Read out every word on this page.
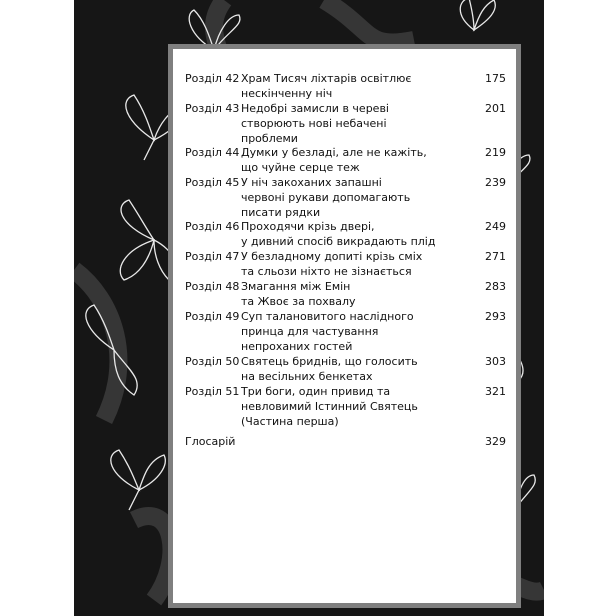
Розділ 42 Храм Тисяч ліхтарів освітлює
нескінченну ніч
175
Розділ 43 Недобрі замисли в череві
створюють нові небачені
проблеми
201
Розділ 44 Думки у безладі, але не кажіть,
що чуйне серце теж
219
Розділ 45 У ніч закоханих запашні
червоні рукави допомагають
писати рядки
239
Розділ 46 Проходячи крізь двері,
у дивний спосіб викрадають плід
249
Розділ 47 У безладному допиті крізь сміх
та сльози ніхто не зізнається
271
Розділ 48 Змагання між Емін
та Жвоє за похвалу
283
Розділ 49 Суп талановитого наслідного
принца для частування
непроханих гостей
293
Розділ 50 Святець бриднів, що голосить
на весільних бенкетах
303
Розділ 51 Три боги, один привид та
невловимий Істинний Святець
(Частина перша)
321
Глосарій	329
